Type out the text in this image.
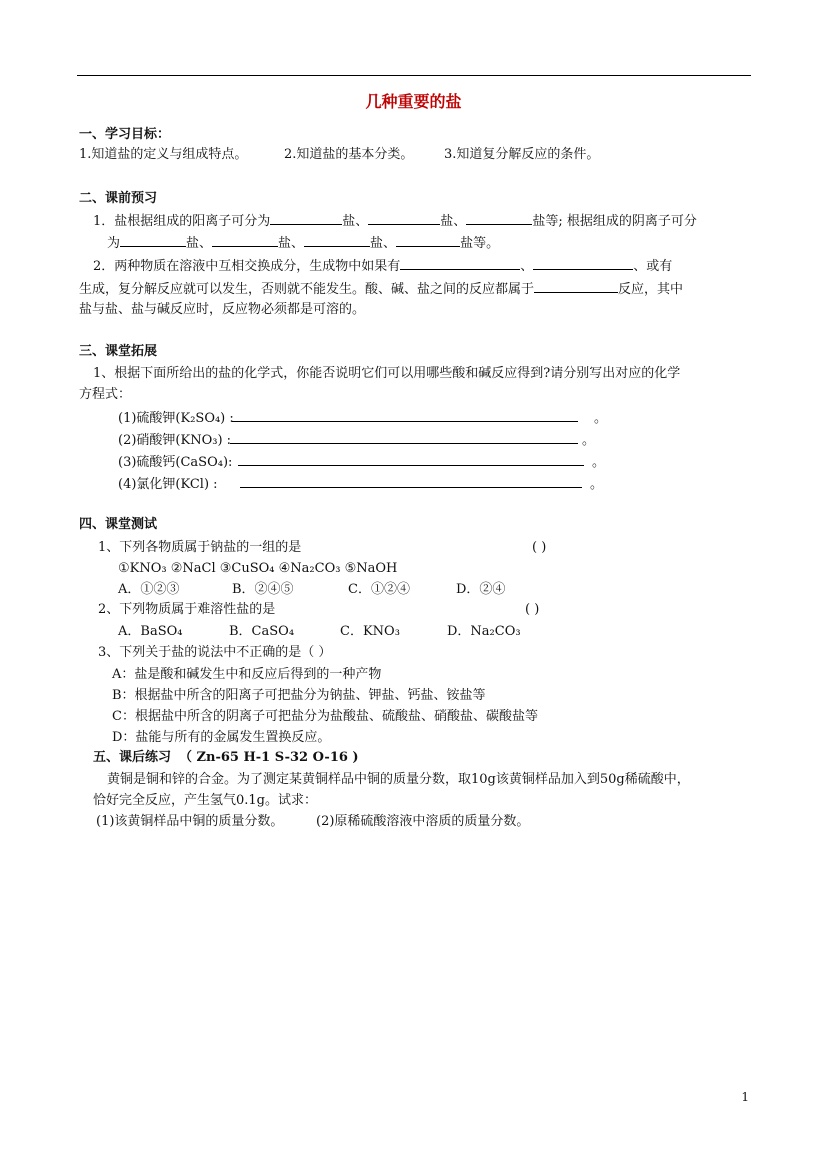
几种重要的盐
一、学习目标：
1.知道盐的定义与组成特点。	2.知道盐的基本分类。 3.知道复分解反应的条件。
二、课前预习
1．盐根据组成的阳离子可分为	盐、	盐、	盐等; 根据组成的阴离子可分
为	盐、	盐、	盐、	盐等。
2．两种物质在溶液中互相交换成分，生成物中如果有	、	、或有
生成，复分解反应就可以发生，否则就不能发生。酸、碱、盐之间的反应都属于	反应，其中
盐与盐、盐与碱反应时，反应物必须都是可溶的。
三、课堂拓展
1、根据下面所给出的盐的化学式，你能否说明它们可以用哪些酸和碱反应得到?请分别写出对应的化学
方程式：
(1)硫酸钾(K₂SO₄) :	。
(2)硝酸钾(KNO₃) :	。
(3)硫酸钙(CaSO₄):	。
(4)氯化钾(KCl) :	。
四、课堂测试
1、下列各物质属于钠盐的一组的是	( )
①KNO₃ ②NaCl ③CuSO₄ ④Na₂CO₃ ⑤NaOH
A．①②③	B．②④⑤	C．①②④	D．②④
2、下列物质属于难溶性盐的是	( )
A．BaSO₄	B．CaSO₄	C．KNO₃	D．Na₂CO₃
3、下列关于盐的说法中不正确的是（ ）
A：盐是酸和碱发生中和反应后得到的一种产物
B：根据盐中所含的阳离子可把盐分为钠盐、钾盐、钙盐、铵盐等
C：根据盐中所含的阴离子可把盐分为盐酸盐、硫酸盐、硝酸盐、碳酸盐等
D：盐能与所有的金属发生置换反应。
五、课后练习 （ Zn-65 H-1 S-32 O-16 )
黄铜是铜和锌的合金。为了测定某黄铜样品中铜的质量分数，取10g该黄铜样品加入到50g稀硫酸中，
恰好完全反应，产生氢气0.1g。试求：
(1)该黄铜样品中铜的质量分数。	(2)原稀硫酸溶液中溶质的质量分数。
1
